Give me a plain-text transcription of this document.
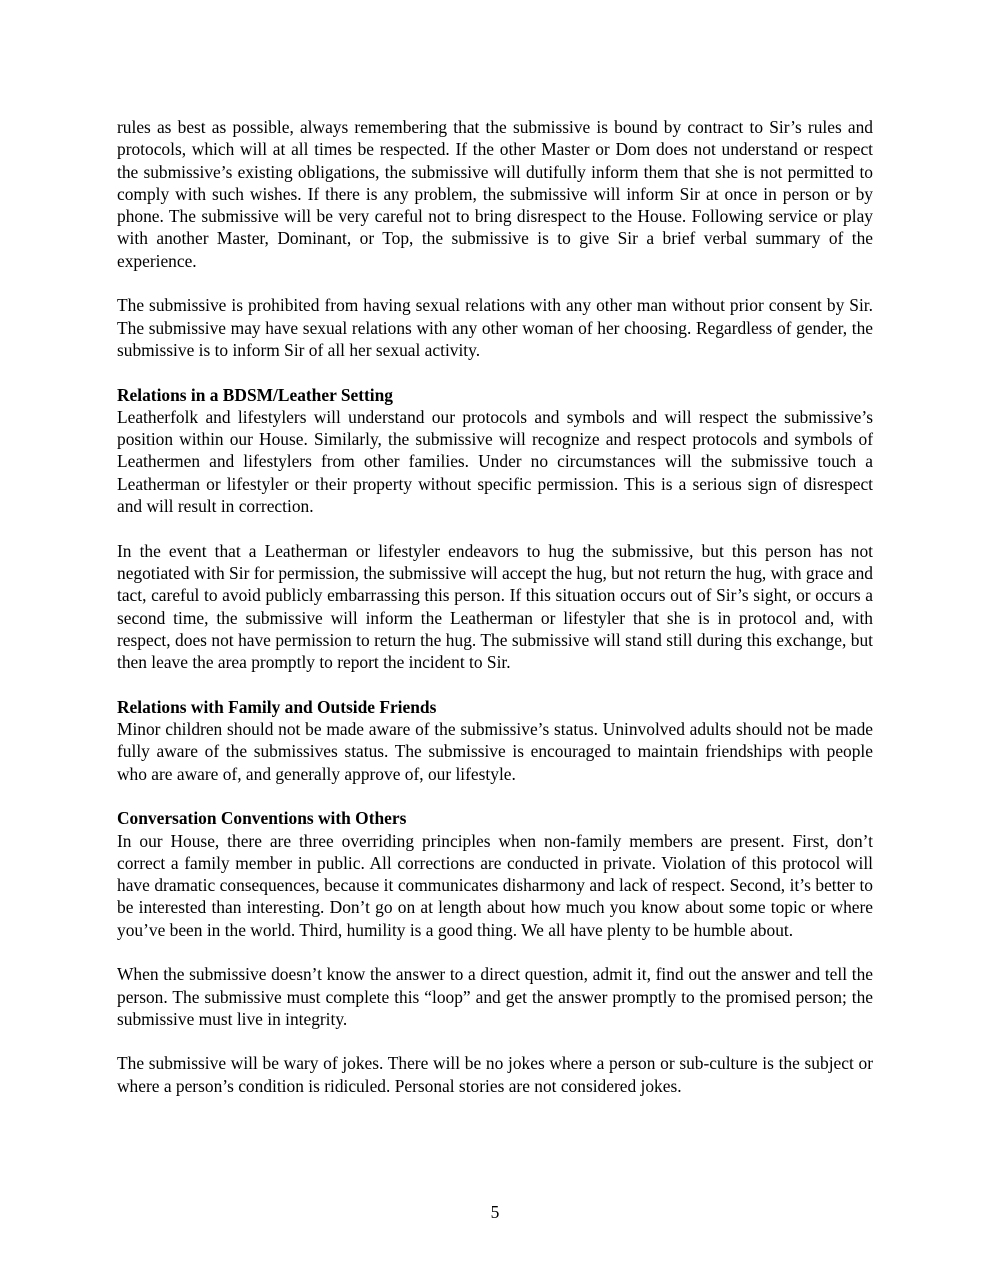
rules as best as possible, always remembering that the submissive is bound by contract to Sir’s rules and protocols, which will at all times be respected. If the other Master or Dom does not understand or respect the submissive’s existing obligations, the submissive will dutifully inform them that she is not permitted to comply with such wishes. If there is any problem, the submissive will inform Sir at once in person or by phone. The submissive will be very careful not to bring disrespect to the House. Following service or play with another Master, Dominant, or Top, the submissive is to give Sir a brief verbal summary of the experience.

The submissive is prohibited from having sexual relations with any other man without prior consent by Sir. The submissive may have sexual relations with any other woman of her choosing. Regardless of gender, the submissive is to inform Sir of all her sexual activity.

Relations in a BDSM/Leather Setting

Leatherfolk and lifestylers will understand our protocols and symbols and will respect the submissive’s position within our House. Similarly, the submissive will recognize and respect protocols and symbols of Leathermen and lifestylers from other families. Under no circumstances will the submissive touch a Leatherman or lifestyler or their property without specific permission. This is a serious sign of disrespect and will result in correction.

In the event that a Leatherman or lifestyler endeavors to hug the submissive, but this person has not negotiated with Sir for permission, the submissive will accept the hug, but not return the hug, with grace and tact, careful to avoid publicly embarrassing this person. If this situation occurs out of Sir’s sight, or occurs a second time, the submissive will inform the Leatherman or lifestyler that she is in protocol and, with respect, does not have permission to return the hug. The submissive will stand still during this exchange, but then leave the area promptly to report the incident to Sir.

Relations with Family and Outside Friends

Minor children should not be made aware of the submissive’s status. Uninvolved adults should not be made fully aware of the submissives status. The submissive is encouraged to maintain friendships with people who are aware of, and generally approve of, our lifestyle.

Conversation Conventions with Others

In our House, there are three overriding principles when non-family members are present. First, don’t correct a family member in public. All corrections are conducted in private. Violation of this protocol will have dramatic consequences, because it communicates disharmony and lack of respect. Second, it’s better to be interested than interesting. Don’t go on at length about how much you know about some topic or where you’ve been in the world. Third, humility is a good thing. We all have plenty to be humble about.

When the submissive doesn’t know the answer to a direct question, admit it, find out the answer and tell the person. The submissive must complete this “loop” and get the answer promptly to the promised person; the submissive must live in integrity.

The submissive will be wary of jokes. There will be no jokes where a person or sub-culture is the subject or where a person’s condition is ridiculed. Personal stories are not considered jokes.

5
